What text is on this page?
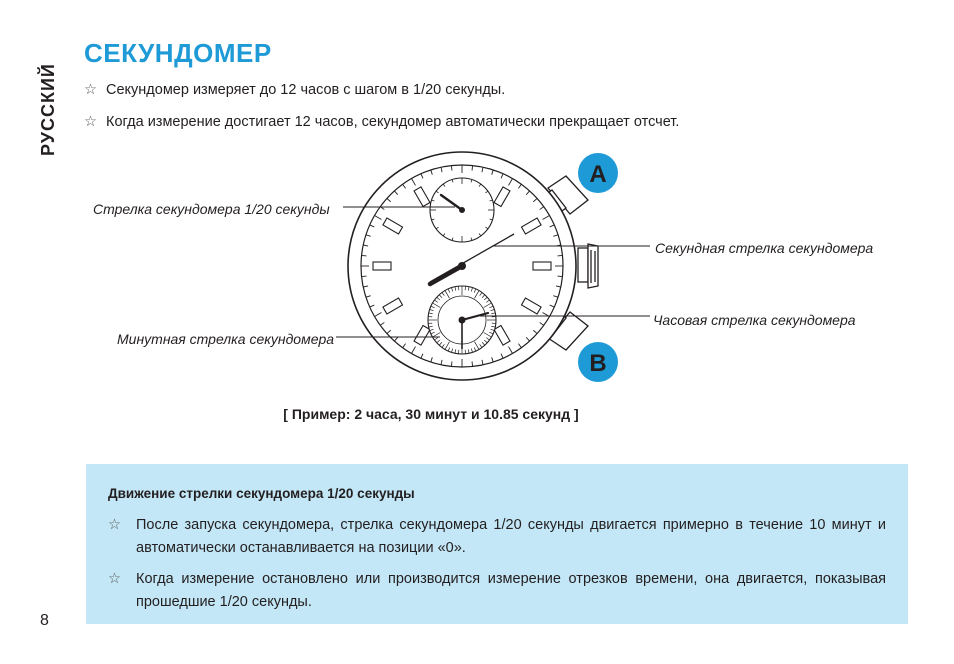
РУССКИЙ
СЕКУНДОМЕР
☆ Секундомер измеряет до 12 часов с шагом в 1/20 секунды.
☆ Когда измерение достигает 12 часов, секундомер автоматически прекращает отсчет.
A
B
Стрелка секундомера 1/20 секунды
Минутная стрелка секундомера
Секундная стрелка секундомера
Часовая стрелка секундомера
[ Пример: 2 часа, 30 минут и 10.85 секунд ]
Движение стрелки секундомера 1/20 секунды
☆ После запуска секундомера, стрелка секундомера 1/20 секунды двигается примерно в течение 10 минут и автоматически останавливается на позиции «0».
☆ Когда измерение остановлено или производится измерение отрезков времени, она двигается, показывая прошедшие 1/20 секунды.
8
